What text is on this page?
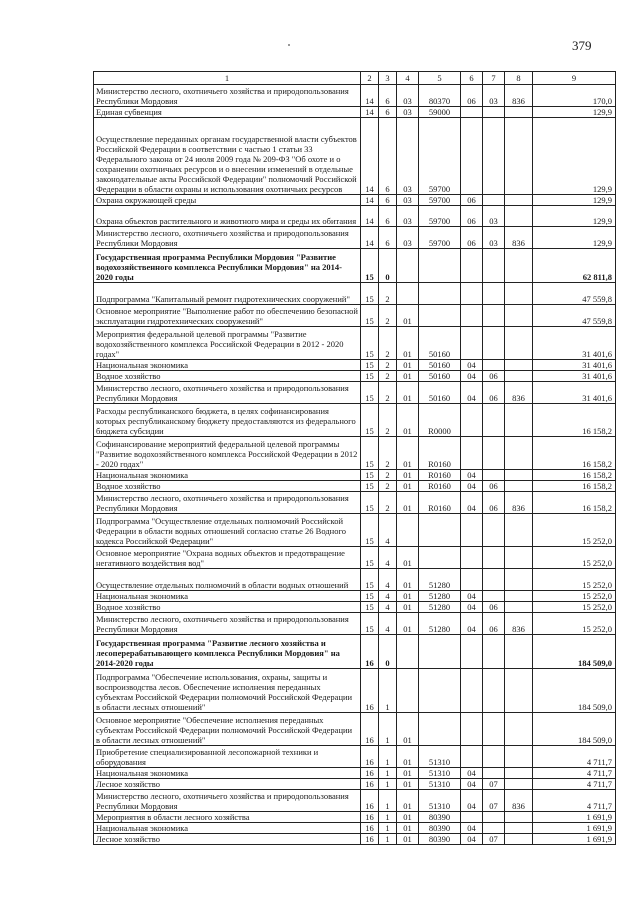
379
1	2	3	4	5	6	7	8	9
Министерство лесного, охотничьего хозяйства и природопользования Республики Мордовия	14	6	03	80370	06	03	836	170,0
Единая субвенция	14	6	03	59000				129,9
Осуществление переданных органам государственной власти субъектов Российской Федерации в соответствии с частью 1 статьи 33 Федерального закона от 24 июля 2009 года № 209-ФЗ "Об охоте и о сохранении охотничьих ресурсов и о внесении изменений в отдельные законодательные акты Российской Федерации" полномочий Российской Федерации в области охраны и использования охотничьих ресурсов	14	6	03	59700				129,9
Охрана окружающей среды	14	6	03	59700	06			129,9
Охрана объектов растительного и животного мира и среды их обитания	14	6	03	59700	06	03		129,9
Министерство лесного, охотничьего хозяйства и природопользования Республики Мордовия	14	6	03	59700	06	03	836	129,9
Государственная программа Республики Мордовия "Развитие водохозяйственного комплекса Республики Мордовия" на 2014-2020 годы	15	0						62 811,8
Подпрограмма "Капитальный ремонт гидротехнических сооружений"	15	2						47 559,8
Основное мероприятие "Выполнение работ по обеспечению безопасной эксплуатации гидротехнических сооружений"	15	2	01					47 559,8
Мероприятия федеральной целевой программы "Развитие водохозяйственного комплекса Российской Федерации в 2012 - 2020 годах"	15	2	01	50160				31 401,6
Национальная экономика	15	2	01	50160	04			31 401,6
Водное хозяйство	15	2	01	50160	04	06		31 401,6
Министерство лесного, охотничьего хозяйства и природопользования Республики Мордовия	15	2	01	50160	04	06	836	31 401,6
Расходы республиканского бюджета, в целях софинансирования которых республиканскому бюджету предоставляются из федерального бюджета субсидии	15	2	01	R0000				16 158,2
Софинансирование мероприятий федеральной целевой программы "Развитие водохозяйственного комплекса Российской Федерации в 2012 - 2020 годах"	15	2	01	R0160				16 158,2
Национальная экономика	15	2	01	R0160	04			16 158,2
Водное хозяйство	15	2	01	R0160	04	06		16 158,2
Министерство лесного, охотничьего хозяйства и природопользования Республики Мордовия	15	2	01	R0160	04	06	836	16 158,2
Подпрограмма "Осуществление отдельных полномочий Российской Федерации в области водных отношений согласно статье 26 Водного кодекса Российской Федерации"	15	4						15 252,0
Основное мероприятие "Охрана водных объектов и предотвращение негативного воздействия вод"	15	4	01					15 252,0
Осуществление отдельных полномочий в области водных отношений	15	4	01	51280				15 252,0
Национальная экономика	15	4	01	51280	04			15 252,0
Водное хозяйство	15	4	01	51280	04	06		15 252,0
Министерство лесного, охотничьего хозяйства и природопользования Республики Мордовия	15	4	01	51280	04	06	836	15 252,0
Государственная программа "Развитие лесного хозяйства и лесоперерабатывающего комплекса Республики Мордовия" на 2014-2020 годы	16	0						184 509,0
Подпрограмма "Обеспечение использования, охраны, защиты и воспроизводства лесов. Обеспечение исполнения переданных субъектам Российской Федерации полномочий Российской Федерации в области лесных отношений"	16	1						184 509,0
Основное мероприятие "Обеспечение исполнения переданных субъектам Российской Федерации полномочий Российской Федерации в области лесных отношений"	16	1	01					184 509,0
Приобретение специализированной лесопожарной техники и оборудования	16	1	01	51310				4 711,7
Национальная экономика	16	1	01	51310	04			4 711,7
Лесное хозяйство	16	1	01	51310	04	07		4 711,7
Министерство лесного, охотничьего хозяйства и природопользования Республики Мордовия	16	1	01	51310	04	07	836	4 711,7
Мероприятия в области лесного хозяйства	16	1	01	80390				1 691,9
Национальная экономика	16	1	01	80390	04			1 691,9
Лесное хозяйство	16	1	01	80390	04	07		1 691,9
